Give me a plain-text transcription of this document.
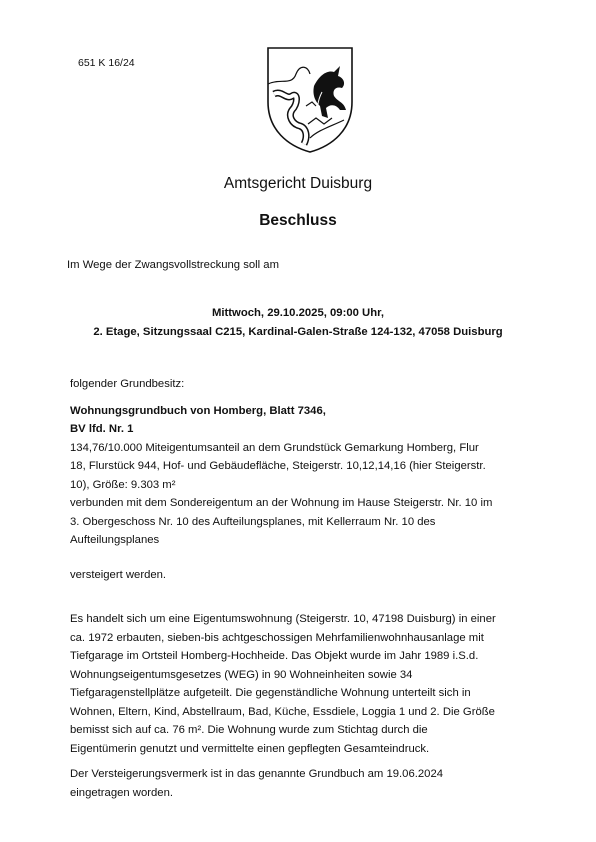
651 K 16/24
Amtsgericht Duisburg
Beschluss
Im Wege der Zwangsvollstreckung soll am
Mittwoch, 29.10.2025, 09:00 Uhr,
2. Etage, Sitzungssaal C215, Kardinal-Galen-Straße 124-132, 47058 Duisburg
folgender Grundbesitz:
Wohnungsgrundbuch von Homberg, Blatt 7346,
BV lfd. Nr. 1
134,76/10.000 Miteigentumsanteil an dem Grundstück Gemarkung Homberg, Flur
18, Flurstück 944, Hof- und Gebäudefläche, Steigerstr. 10,12,14,16 (hier Steigerstr.
10), Größe: 9.303 m²
verbunden mit dem Sondereigentum an der Wohnung im Hause Steigerstr. Nr. 10 im
3. Obergeschoss Nr. 10 des Aufteilungsplanes, mit Kellerraum Nr. 10 des
Aufteilungsplanes
versteigert werden.
Es handelt sich um eine Eigentumswohnung (Steigerstr. 10, 47198 Duisburg) in einer
ca. 1972 erbauten, sieben-bis achtgeschossigen Mehrfamilienwohnhausanlage mit
Tiefgarage im Ortsteil Homberg-Hochheide. Das Objekt wurde im Jahr 1989 i.S.d.
Wohnungseigentumsgesetzes (WEG) in 90 Wohneinheiten sowie 34
Tiefgaragenstellplätze aufgeteilt. Die gegenständliche Wohnung unterteilt sich in
Wohnen, Eltern, Kind, Abstellraum, Bad, Küche, Essdiele, Loggia 1 und 2. Die Größe
bemisst sich auf ca. 76 m². Die Wohnung wurde zum Stichtag durch die
Eigentümerin genutzt und vermittelte einen gepflegten Gesamteindruck.
Der Versteigerungsvermerk ist in das genannte Grundbuch am 19.06.2024
eingetragen worden.
